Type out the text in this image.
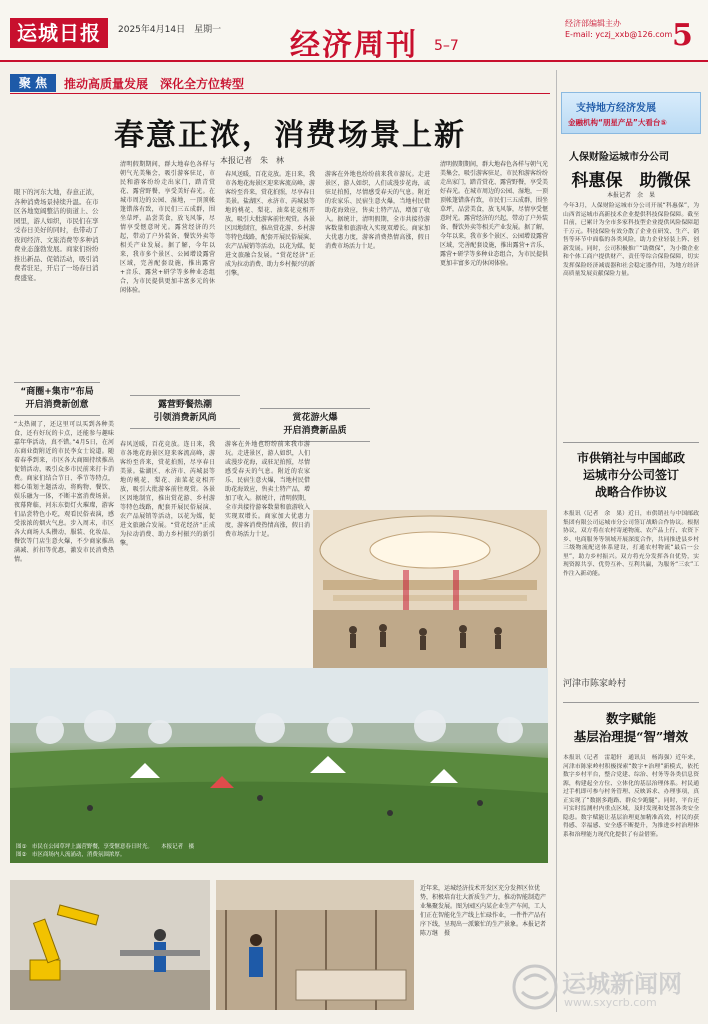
运城日报	2025年4月14日　星期一 经济周刊 5–7
经济部编辑主办
E-mail: yczj_xxb@126.com 5
聚 焦	推动高质量发展　深化全方位转型
春意正浓，消费场景上新
本报记者　朱　林
眼下的河东大地，春意正浓，各种消费场景持续升温。在市区各地宽阔整洁的街道上、公园里，游人如织，市民们在享受春日美好的同时，也带动了夜间经济、文旅消费等多种消费业态蓬勃发展。商家们纷纷推出新品、促销活动，吸引消费者驻足，开启了一场春日消费盛宴。
“商圈+集市”布局
开启消费新创意	露营野餐热潮
引领消费新风尚	赏花游火爆
开启消费新品质
“太热闹了，还这里可以买到各种美食，还有好玩的卡点，还能参与趣味嘉年华活动，真不错。”4月5日，在河东商业街附近的市民李女士说道。随着春季到来，市区各大商圈持续推出促销活动，吸引众多市民前来打卡消费。商家们结合节日、季节等特点，精心策划主题活动，将购物、餐饮、娱乐融为一体，不断丰富消费场景。夜幕降临，河东东街灯火璀璨，游客们品尝特色小吃，观看民俗表演，感受浓浓的烟火气息。步入周末，市区各大商场人头攒动，服装、化妆品、餐饮等门店生意火爆，不少商家推出满减、折扣等优惠，激发市民消费热情。
清明假期期间，群大地春色各样与朝气光美集会，吸引游客驻足，市民和游客纷纷走出家门，踏青赏花、露营野餐，享受美好春光。在城市周边的公园、湿地，一顶顶帐篷错落有致，市民们三五成群，围坐草坪，品尝美食，放飞风筝，尽情享受惬意时光。露营经济的兴起，带动了户外装备、餐饮外卖等相关产业发展。据了解，今年以来，我市多个景区、公园增设露营区域，完善配套设施，推出露营+音乐、露营+研学等多种业态组合，为市民提供更加丰富多元的休闲体验。
春风送暖，百花竞放。连日来，我市各地花海景区迎来客流高峰，游客纷至沓来，赏花拍照，尽享春日美景。盐湖区、永济市、芮城县等地的桃花、梨花、油菜花竞相开放，吸引大批游客前往观赏。各景区因地制宜，推出赏花游、乡村游等特色线路，配套开展民俗展演、农产品展销等活动，以花为媒，促进文旅融合发展。“赏花经济”正成为拉动消费、助力乡村振兴的新引擎。
游客在外地也纷纷前来我市游玩。走进景区，游人如织，人们或漫步花海，或驻足拍照，尽情感受春天的气息。附近的农家乐、民宿生意火爆，当地村民借助花海效应，售卖土特产品，增加了收入。据统计，清明假期，全市共接待游客数量和旅游收入实现双增长。商家加大优惠力度，游客消费热情高涨，假日消费市场活力十足。
清明假期期间，群大地春色各样与朝气光美集会，吸引游客驻足，市民和游客纷纷走出家门，踏青赏花、露营野餐，享受美好春光。在城市周边的公园、湿地，一顶顶帐篷错落有致，市民们三五成群，围坐草坪，品尝美食，放飞风筝，尽情享受惬意时光。露营经济的兴起，带动了户外装备、餐饮外卖等相关产业发展。据了解，今年以来，我市多个景区、公园增设露营区域，完善配套设施，推出露营+音乐、露营+研学等多种业态组合，为市民提供更加丰富多元的休闲体验。
春风送暖，百花竞放。连日来，我市各地花海景区迎来客流高峰，游客纷至沓来，赏花拍照，尽享春日美景。盐湖区、永济市、芮城县等地的桃花、梨花、油菜花竞相开放，吸引大批游客前往观赏。各景区因地制宜，推出赏花游、乡村游等特色线路，配套开展民俗展演、农产品展销等活动，以花为媒，促进文旅融合发展。“赏花经济”正成为拉动消费、助力乡村振兴的新引擎。
游客在外地也纷纷前来我市游玩。走进景区，游人如织，人们或漫步花海，或驻足拍照，尽情感受春天的气息。附近的农家乐、民宿生意火爆，当地村民借助花海效应，售卖土特产品，增加了收入。据统计，清明假期，全市共接待游客数量和旅游收入实现双增长。商家加大优惠力度，游客消费热情高涨，假日消费市场活力十足。
图①　市民在公园草坪上露营野餐，享受惬意春日时光。　　本报记者　摄
图②　市区商场内人流涌动，消费氛围浓厚。
近年来，运城经济技术开发区充分发挥区位优势，积极培育壮大新质生产力，推动智能制造产业集聚发展。图为园区内某企业生产车间，工人们正在智能化生产线上忙碌作业，一件件产品有序下线，呈现出一派繁忙的生产景象。本报记者　陈万继　摄
支持地方经济发展
金融机构“朋星产品”大看台⑤
人保财险运城市分公司
科惠保　助微保
本报记者　余　果
今年3月，人保财险运城市分公司开展“科惠保”，为山西省运城市高新技术企业提供科技保险保障。截至目前，已累计为全市多家科技型企业提供风险保障超千万元。科技保险有效分散了企业在研发、生产、销售等环节中面临的各类风险，助力企业轻装上阵、创新发展。同时，公司积极推广“助微保”，为小微企业和个体工商户提供财产、责任等综合保险保障，切实发挥保险经济减震器和社会稳定器作用，为地方经济高质量发展贡献保险力量。
市供销社与中国邮政
运城市分公司签订
战略合作协议
本报讯（记者　余　果）近日，市供销社与中国邮政集团有限公司运城市分公司签订战略合作协议。根据协议，双方将在农村寄递物流、农产品上行、农资下乡、电商服务等领域开展深度合作，共同推进县乡村三级物流配送体系建设，打通农村物流“最后一公里”，助力乡村振兴。双方将充分发挥各自优势，实现资源共享、优势互补、互利共赢，为服务“三农”工作注入新动能。
河津市陈家岭村
数字赋能
基层治理提“智”增效
本报讯（记者　雷超轩　通讯员　杨海强）近年来，河津市陈家岭村积极探索“数字+治理”新模式，依托数字乡村平台，整合党建、综治、村务等各类信息资源，构建起全方位、立体化的基层治理体系。村民通过手机即可参与村务管理、反映诉求、办理事项，真正实现了“数据多跑路、群众少跑腿”。同时，平台还可实时监测村内重点区域，及时发现和处置各类安全隐患。数字赋能让基层治理更加精准高效，村民的获得感、幸福感、安全感不断提升，为推进乡村治理体系和治理能力现代化提供了有益借鉴。
运城新闻网
www.sxycrb.com
